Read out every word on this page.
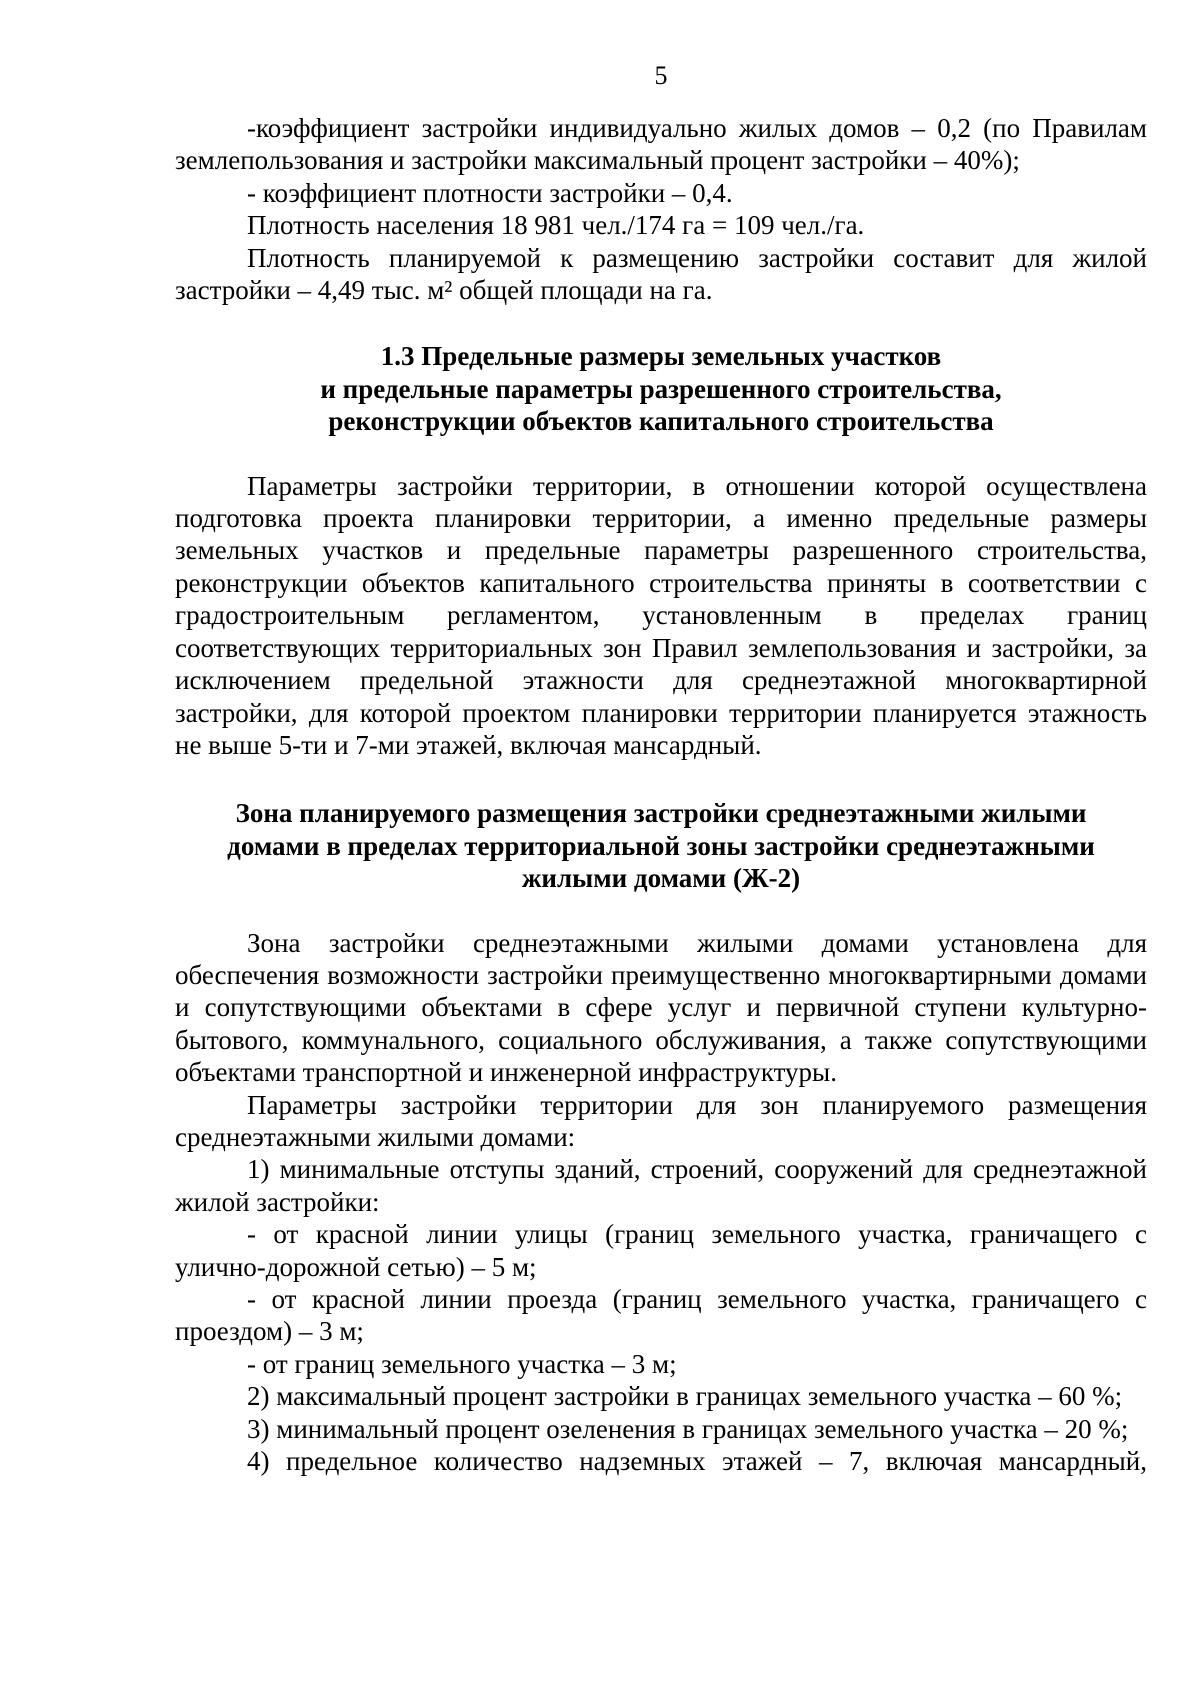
5

-коэффициент застройки индивидуально жилых домов – 0,2 (по Правилам землепользования и застройки максимальный процент застройки – 40%);

- коэффициент плотности застройки – 0,4.

Плотность населения 18 981 чел./174 га = 109 чел./га.

Плотность планируемой к размещению застройки составит для жилой застройки – 4,49 тыс. м² общей площади на га.

1.3 Предельные размеры земельных участков
и предельные параметры разрешенного строительства,
реконструкции объектов капитального строительства

Параметры застройки территории, в отношении которой осуществлена подготовка проекта планировки территории, а именно предельные размеры земельных участков и предельные параметры разрешенного строительства, реконструкции объектов капитального строительства приняты в соответствии с градостроительным регламентом, установленным в пределах границ соответствующих территориальных зон Правил землепользования и застройки, за исключением предельной этажности для среднеэтажной многоквартирной застройки, для которой проектом планировки территории планируется этажность не выше 5-ти и 7-ми этажей, включая мансардный.

Зона планируемого размещения застройки среднеэтажными жилыми
домами в пределах территориальной зоны застройки среднеэтажными
жилыми домами (Ж-2)

Зона застройки среднеэтажными жилыми домами установлена для обеспечения возможности застройки преимущественно многоквартирными домами и сопутствующими объектами в сфере услуг и первичной ступени культурно-бытового, коммунального, социального обслуживания, а также сопутствующими объектами транспортной и инженерной инфраструктуры.

Параметры застройки территории для зон планируемого размещения среднеэтажными жилыми домами:

1) минимальные отступы зданий, строений, сооружений для среднеэтажной жилой застройки:

- от красной линии улицы (границ земельного участка, граничащего с улично-дорожной сетью) – 5 м;

- от красной линии проезда (границ земельного участка, граничащего с проездом) – 3 м;

- от границ земельного участка – 3 м;

2) максимальный процент застройки в границах земельного участка – 60 %;

3) минимальный процент озеленения в границах земельного участка – 20 %;

4) предельное количество надземных этажей – 7, включая мансардный,
